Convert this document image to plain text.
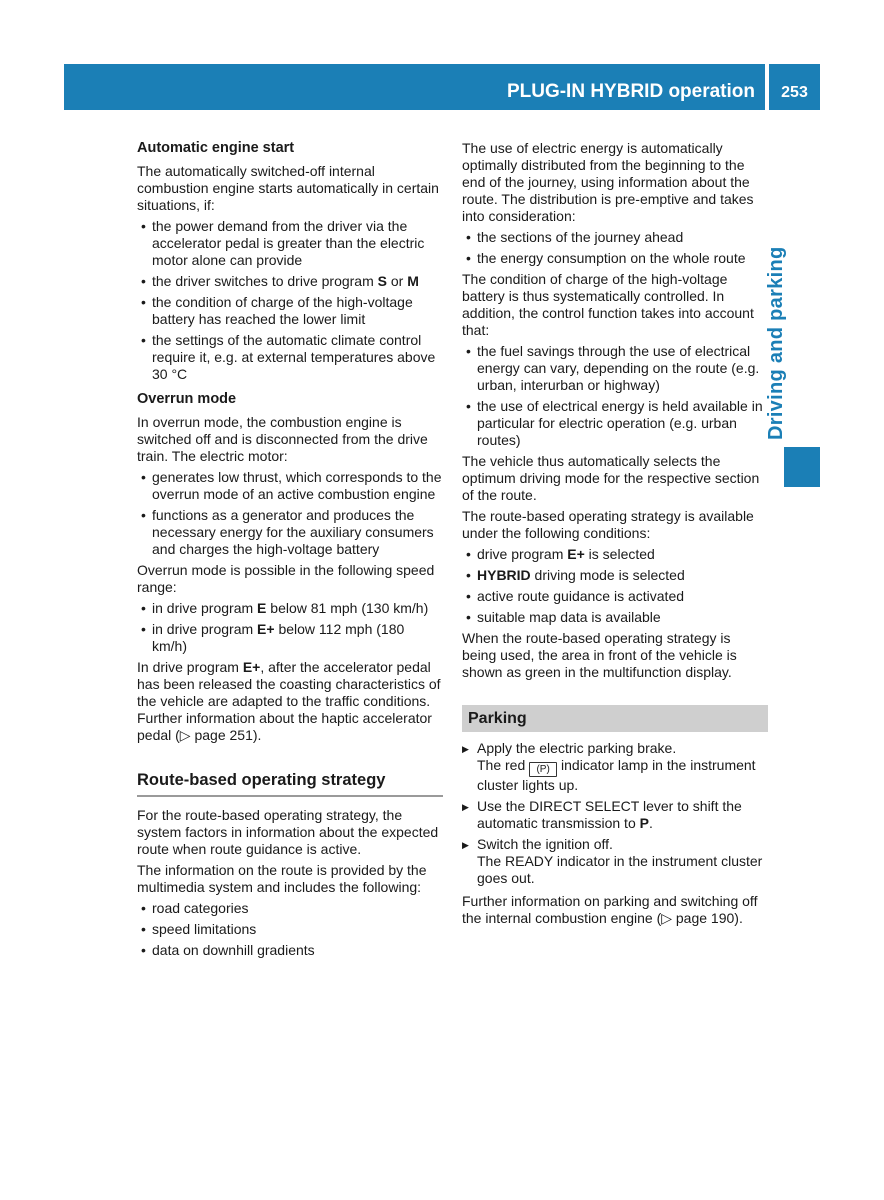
PLUG-IN HYBRID operation	253
Driving and parking
Automatic engine start

The automatically switched-off internal combustion engine starts automatically in certain situations, if:

• the power demand from the driver via the accelerator pedal is greater than the electric motor alone can provide
• the driver switches to drive program S or M
• the condition of charge of the high-voltage battery has reached the lower limit
• the settings of the automatic climate control require it, e.g. at external temperatures above 30 °C
Overrun mode

In overrun mode, the combustion engine is switched off and is disconnected from the drive train. The electric motor:

• generates low thrust, which corresponds to the overrun mode of an active combustion engine
• functions as a generator and produces the necessary energy for the auxiliary consumers and charges the high-voltage battery

Overrun mode is possible in the following speed range:

• in drive program E below 81 mph (130 km/h)
• in drive program E+ below 112 mph (180 km/h)

In drive program E+, after the accelerator pedal has been released the coasting characteristics of the vehicle are adapted to the traffic conditions. Further information about the haptic accelerator pedal (▷ page 251).

Route-based operating strategy

For the route-based operating strategy, the system factors in information about the expected route when route guidance is active.

The information on the route is provided by the multimedia system and includes the following:

• road categories
• speed limitations
• data on downhill gradients

The use of electric energy is automatically optimally distributed from the beginning to the end of the journey, using information about the route. The distribution is pre-emptive and takes into consideration:

• the sections of the journey ahead
• the energy consumption on the whole route

The condition of charge of the high-voltage battery is thus systematically controlled. In addition, the control function takes into account that:

• the fuel savings through the use of electrical energy can vary, depending on the route (e.g. urban, interurban or highway)
• the use of electrical energy is held available in particular for electric operation (e.g. urban routes)

The vehicle thus automatically selects the optimum driving mode for the respective section of the route.

The route-based operating strategy is available under the following conditions:

• drive program E+ is selected
• HYBRID driving mode is selected
• active route guidance is activated
• suitable map data is available

When the route-based operating strategy is being used, the area in front of the vehicle is shown as green in the multifunction display.

Parking
▶ Apply the electric parking brake.
The red (P) indicator lamp in the instrument cluster lights up.
▶ Use the DIRECT SELECT lever to shift the automatic transmission to P.
▶ Switch the ignition off.
The READY indicator in the instrument cluster goes out.

Further information on parking and switching off the internal combustion engine (▷ page 190).
